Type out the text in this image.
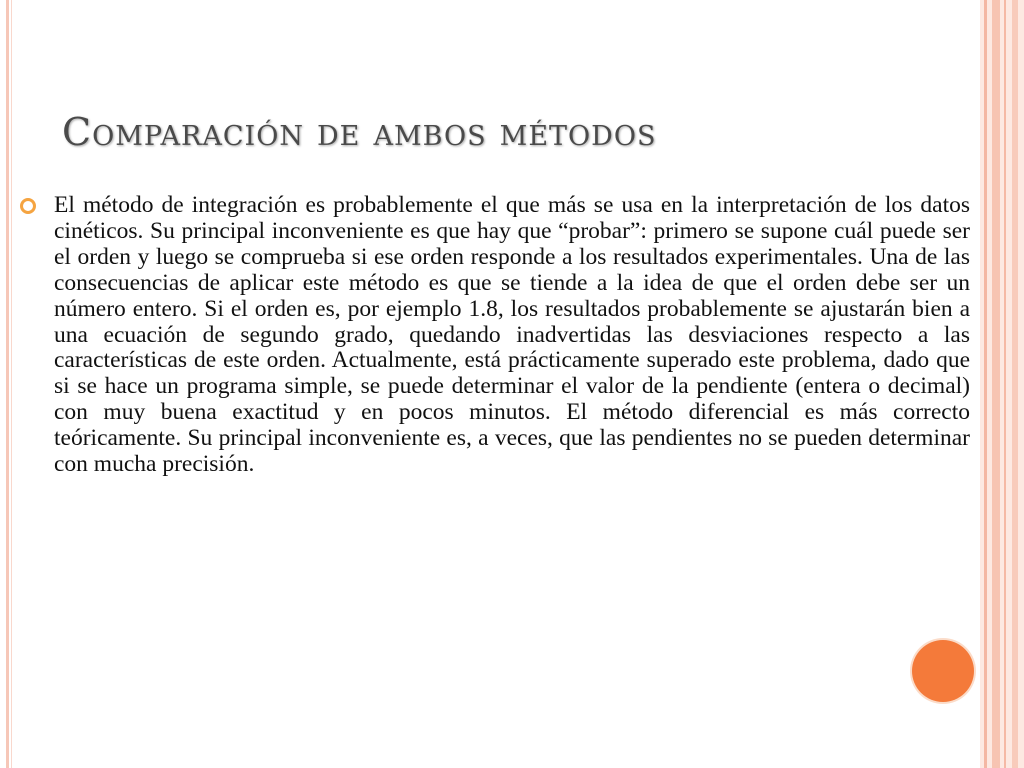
Comparación de ambos métodos

El método de integración es probablemente el que más se usa en la interpretación de los datos cinéticos. Su principal inconveniente es que hay que “probar”: primero se supone cuál puede ser el orden y luego se comprueba si ese orden responde a los resultados experimentales. Una de las consecuencias de aplicar este método es que se tiende a la idea de que el orden debe ser un número entero. Si el orden es, por ejemplo 1.8, los resultados probablemente se ajustarán bien a una ecuación de segundo grado, quedando inadvertidas las desviaciones respecto a las características de este orden. Actualmente, está prácticamente superado este problema, dado que si se hace un programa simple, se puede determinar el valor de la pendiente (entera o decimal) con muy buena exactitud y en pocos minutos. El método diferencial es más correcto teóricamente. Su principal inconveniente es, a veces, que las pendientes no se pueden determinar con mucha precisión.
